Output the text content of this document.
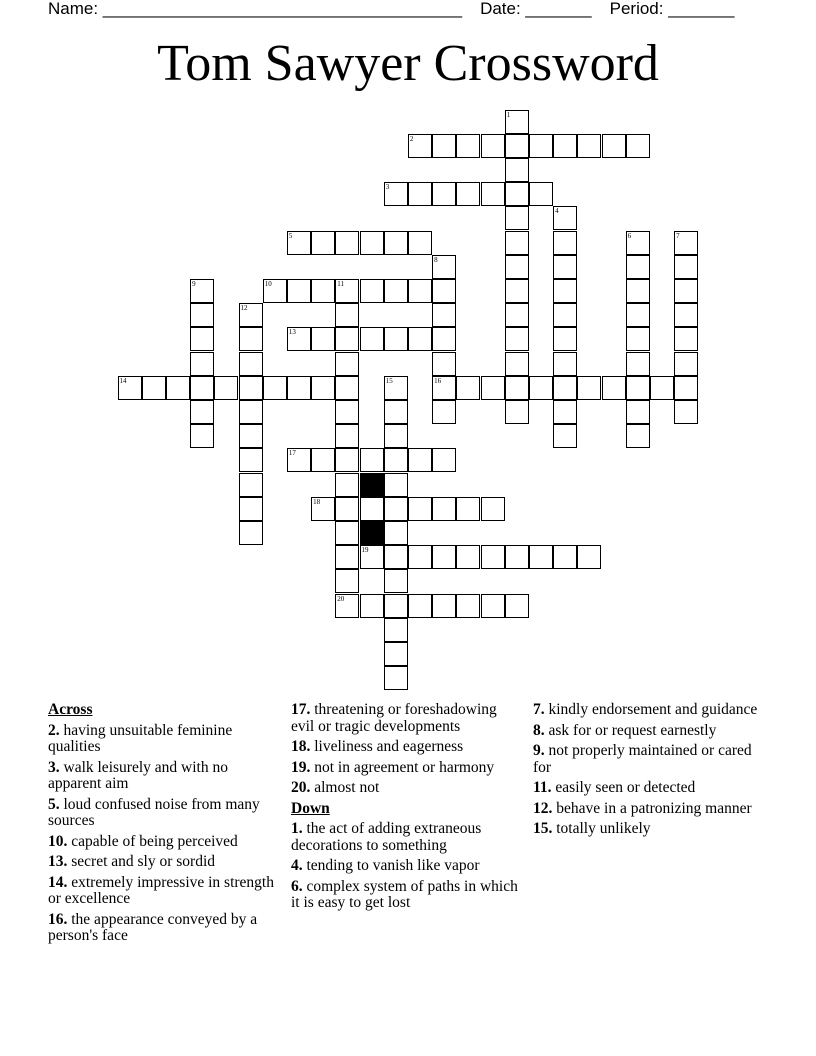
Name: ______________________________________ Date: _______ Period: _______
Tom Sawyer Crossword
1
2
3
4
5	6	7
8
9	10	11
12
13
14	15	16
17
18
19
20
Across
2. having unsuitable feminine qualities
3. walk leisurely and with no apparent aim
5. loud confused noise from many sources
10. capable of being perceived
13. secret and sly or sordid
14. extremely impressive in strength or excellence
16. the appearance conveyed by a person's face
17. threatening or foreshadowing evil or tragic developments
18. liveliness and eagerness
19. not in agreement or harmony
20. almost not
Down
1. the act of adding extraneous decorations to something
4. tending to vanish like vapor
6. complex system of paths in which it is easy to get lost
7. kindly endorsement and guidance
8. ask for or request earnestly
9. not properly maintained or cared for
11. easily seen or detected
12. behave in a patronizing manner
15. totally unlikely
